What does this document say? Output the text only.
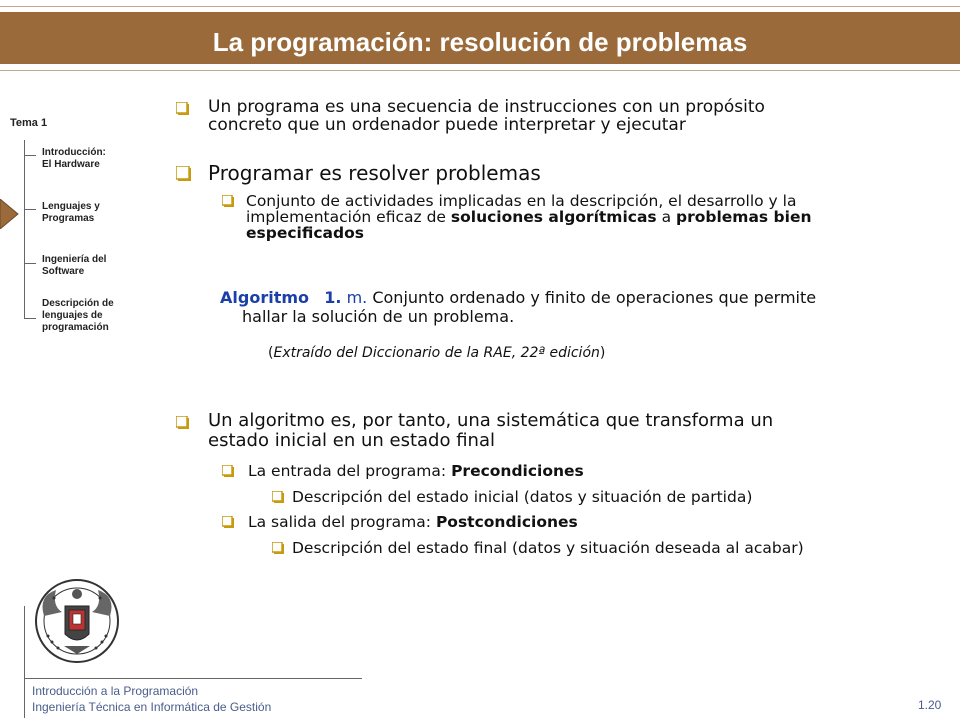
La programación: resolución de problemas
Tema 1
Introducción:
El Hardware
Lenguajes y
Programas
Ingeniería del
Software
Descripción de
lenguajes de
programación
Un programa es una secuencia de instrucciones con un propósito
concreto que un ordenador puede interpretar y ejecutar
Programar es resolver problemas
Conjunto de actividades implicadas en la descripción, el desarrollo y la
implementación eficaz de soluciones algorítmicas a problemas bien
especificados
Algoritmo 1. m. Conjunto ordenado y finito de operaciones que permite
hallar la solución de un problema.
(Extraído del Diccionario de la RAE, 22ª edición)
Un algoritmo es, por tanto, una sistemática que transforma un
estado inicial en un estado final
La entrada del programa: Precondiciones
Descripción del estado inicial (datos y situación de partida)
La salida del programa: Postcondiciones
Descripción del estado final (datos y situación deseada al acabar)
Introducción a la Programación
Ingeniería Técnica en Informática de Gestión	1.20
